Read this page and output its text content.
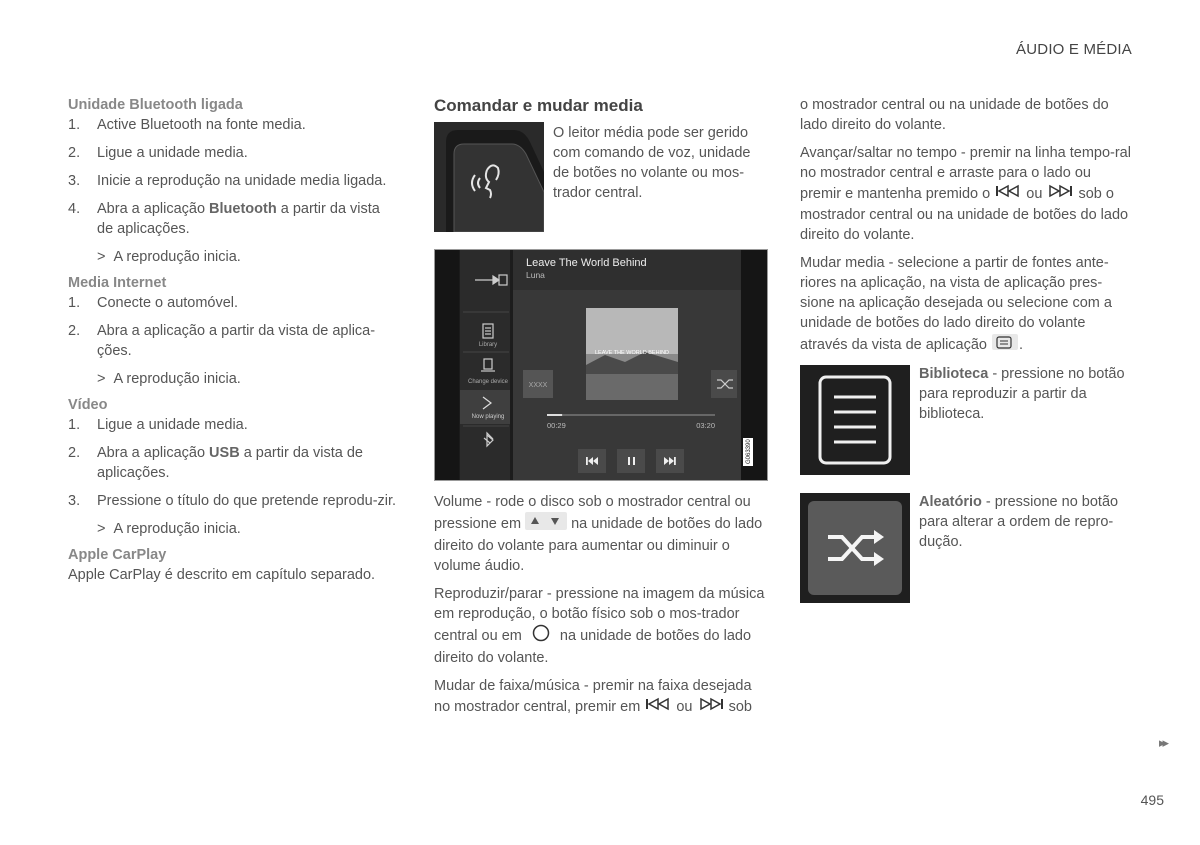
ÁUDIO E MÉDIA
Unidade Bluetooth ligada
1. Active Bluetooth na fonte media.
2. Ligue a unidade media.
3. Inicie a reprodução na unidade media ligada.
4. Abra a aplicação Bluetooth a partir da vista de aplicações.
> A reprodução inicia.
Media Internet
1. Conecte o automóvel.
2. Abra a aplicação a partir da vista de aplica-ções.
> A reprodução inicia.
Vídeo
1. Ligue a unidade media.
2. Abra a aplicação USB a partir da vista de aplicações.
3. Pressione o título do que pretende reprodu-zir.
> A reprodução inicia.
Apple CarPlay

Apple CarPlay é descrito em capítulo separado.

Comandar e mudar media
O leitor média pode ser gerido com comando de voz, unidade de botões no volante ou mos-trador central.
Library
Change device
Now playing
Leave The World Behind
Luna
XXXX
LEAVE THE WORLD BEHIND
00:29	03:20
G063390

Volume - rode o disco sob o mostrador central ou pressione em	na unidade de botões do lado direito do volante para aumentar ou diminuir o volume áudio.

Reproduzir/parar - pressione na imagem da música em reprodução, o botão físico sob o mos-trador central ou em	na unidade de botões do lado direito do volante.

Mudar de faixa/música - premir na faixa desejada no mostrador central, premir em ou sob

o mostrador central ou na unidade de botões do lado direito do volante.

Avançar/saltar no tempo - premir na linha tempo-ral no mostrador central e arraste para o lado ou premir e mantenha premido o ou sob o mostrador central ou na unidade de botões do lado direito do volante.

Mudar media - selecione a partir de fontes ante-riores na aplicação, na vista de aplicação pres-sione na aplicação desejada ou selecione com a unidade de botões do lado direito do volante através da vista de aplicação .

Biblioteca - pressione no botão para reproduzir a partir da biblioteca.
Aleatório - pressione no botão para alterar a ordem de repro-dução.
▸▸
495
